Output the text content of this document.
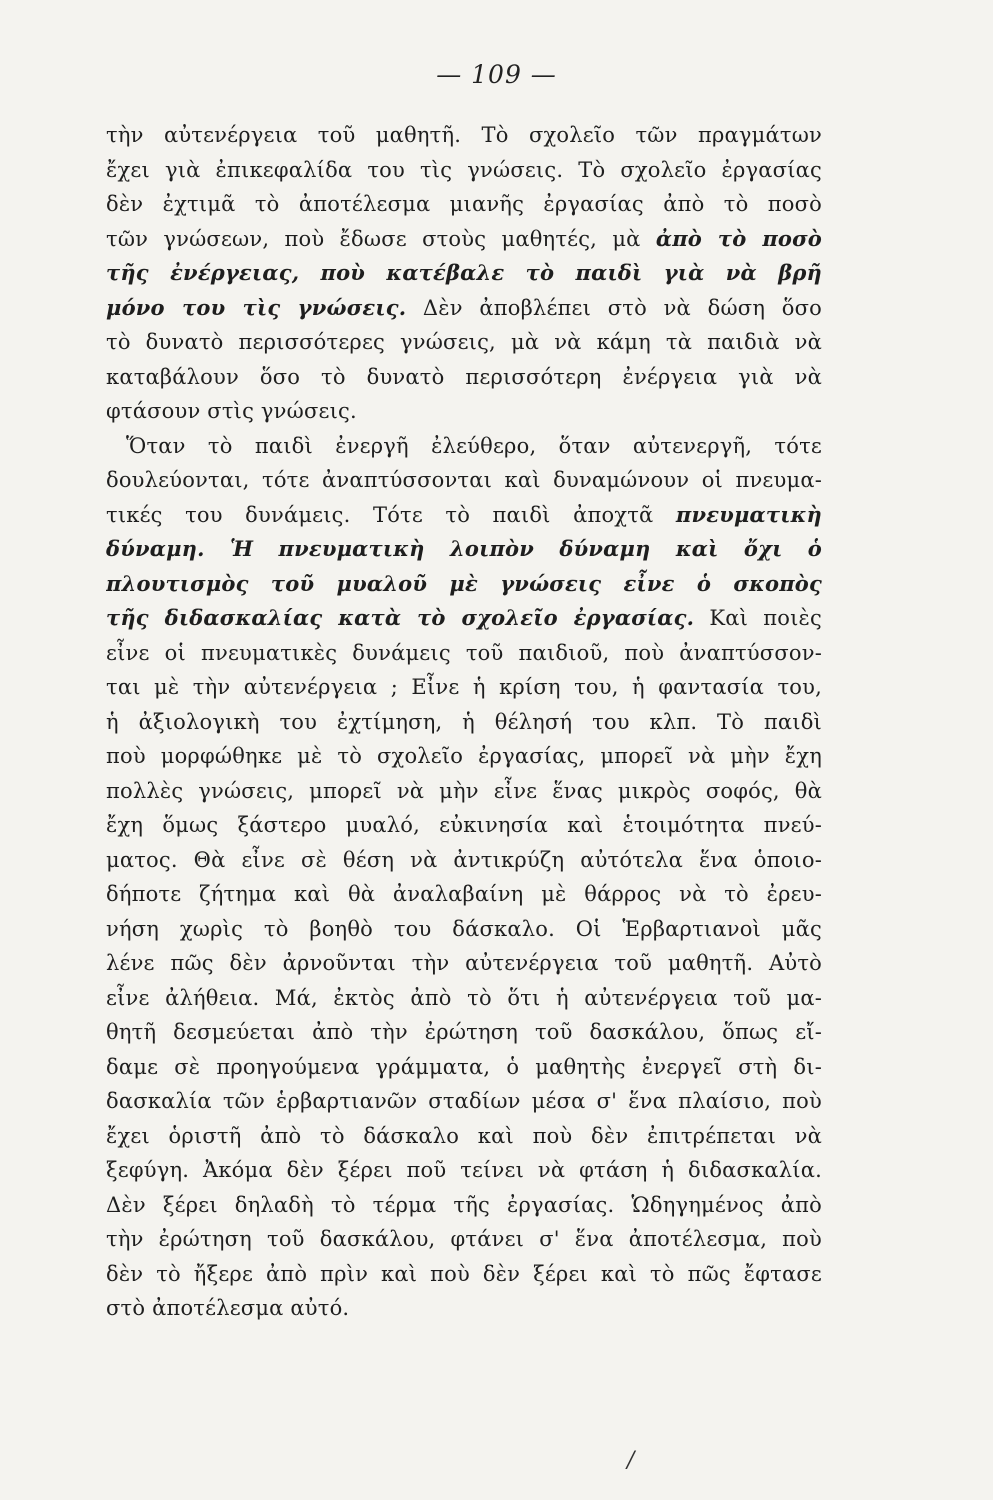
— 109 —
τὴν αὐτενέργεια τοῦ μαθητῆ. Τὸ σχολεῖο τῶν πραγμάτων
ἔχει γιὰ ἐπικεφαλίδα του τὶς γνώσεις. Τὸ σχολεῖο ἐργασίας
δὲν ἐχτιμᾶ τὸ ἀποτέλεσμα μιανῆς ἐργασίας ἀπὸ τὸ ποσὸ
τῶν γνώσεων, ποὺ ἔδωσε στοὺς μαθητές, μὰ ἀπὸ τὸ ποσὸ
τῆς ἐνέργειας, ποὺ κατέβαλε τὸ παιδὶ γιὰ νὰ βρῆ
μόνο του τὶς γνώσεις. Δὲν ἀποβλέπει στὸ νὰ δώση ὅσο
τὸ δυνατὸ περισσότερες γνώσεις, μὰ νὰ κάμη τὰ παιδιὰ νὰ
καταβάλουν ὅσο τὸ δυνατὸ περισσότερη ἐνέργεια γιὰ νὰ
φτάσουν στὶς γνώσεις.
Ὅταν τὸ παιδὶ ἐνεργῆ ἐλεύθερο, ὅταν αὐτενεργῆ, τότε
δουλεύονται, τότε ἀναπτύσσονται καὶ δυναμώνουν οἱ πνευμα-
τικές του δυνάμεις. Τότε τὸ παιδὶ ἀποχτᾶ πνευματικὴ
δύναμη. Ἡ πνευματικὴ λοιπὸν δύναμη καὶ ὄχι ὁ
πλουτισμὸς τοῦ μυαλοῦ μὲ γνώσεις εἶνε ὁ σκοπὸς
τῆς διδασκαλίας κατὰ τὸ σχολεῖο ἐργασίας. Καὶ ποιὲς
εἶνε οἱ πνευματικὲς δυνάμεις τοῦ παιδιοῦ, ποὺ ἀναπτύσσον-
ται μὲ τὴν αὐτενέργεια ; Εἶνε ἡ κρίση του, ἡ φαντασία του,
ἡ ἀξιολογικὴ του ἐχτίμηση, ἡ θέλησή του κλπ. Τὸ παιδὶ
ποὺ μορφώθηκε μὲ τὸ σχολεῖο ἐργασίας, μπορεῖ νὰ μὴν ἔχη
πολλὲς γνώσεις, μπορεῖ νὰ μὴν εἶνε ἕνας μικρὸς σοφός, θὰ
ἔχη ὅμως ξάστερο μυαλό, εὐκινησία καὶ ἑτοιμότητα πνεύ-
ματος. Θὰ εἶνε σὲ θέση νὰ ἀντικρύζη αὐτότελα ἕνα ὁποιο-
δήποτε ζήτημα καὶ θὰ ἀναλαβαίνη μὲ θάρρος νὰ τὸ ἐρευ-
νήση χωρὶς τὸ βοηθὸ του δάσκαλο. Οἱ Ἑρβαρτιανοὶ μᾶς
λένε πῶς δὲν ἀρνοῦνται τὴν αὐτενέργεια τοῦ μαθητῆ. Αὐτὸ
εἶνε ἀλήθεια. Μά, ἐκτὸς ἀπὸ τὸ ὅτι ἡ αὐτενέργεια τοῦ μα-
θητῆ δεσμεύεται ἀπὸ τὴν ἐρώτηση τοῦ δασκάλου, ὅπως εἴ-
δαμε σὲ προηγούμενα γράμματα, ὁ μαθητὴς ἐνεργεῖ στὴ δι-
δασκαλία τῶν ἑρβαρτιανῶν σταδίων μέσα σ' ἕνα πλαίσιο, ποὺ
ἔχει ὁριστῆ ἀπὸ τὸ δάσκαλο καὶ ποὺ δὲν ἐπιτρέπεται νὰ
ξεφύγη. Ἀκόμα δὲν ξέρει ποῦ τείνει νὰ φτάση ἡ διδασκαλία.
Δὲν ξέρει δηλαδὴ τὸ τέρμα τῆς ἐργασίας. Ὡδηγημένος ἀπὸ
τὴν ἐρώτηση τοῦ δασκάλου, φτάνει σ' ἕνα ἀποτέλεσμα, ποὺ
δὲν τὸ ἤξερε ἀπὸ πρὶν καὶ ποὺ δὲν ξέρει καὶ τὸ πῶς ἔφτασε
στὸ ἀποτέλεσμα αὐτό.
/
